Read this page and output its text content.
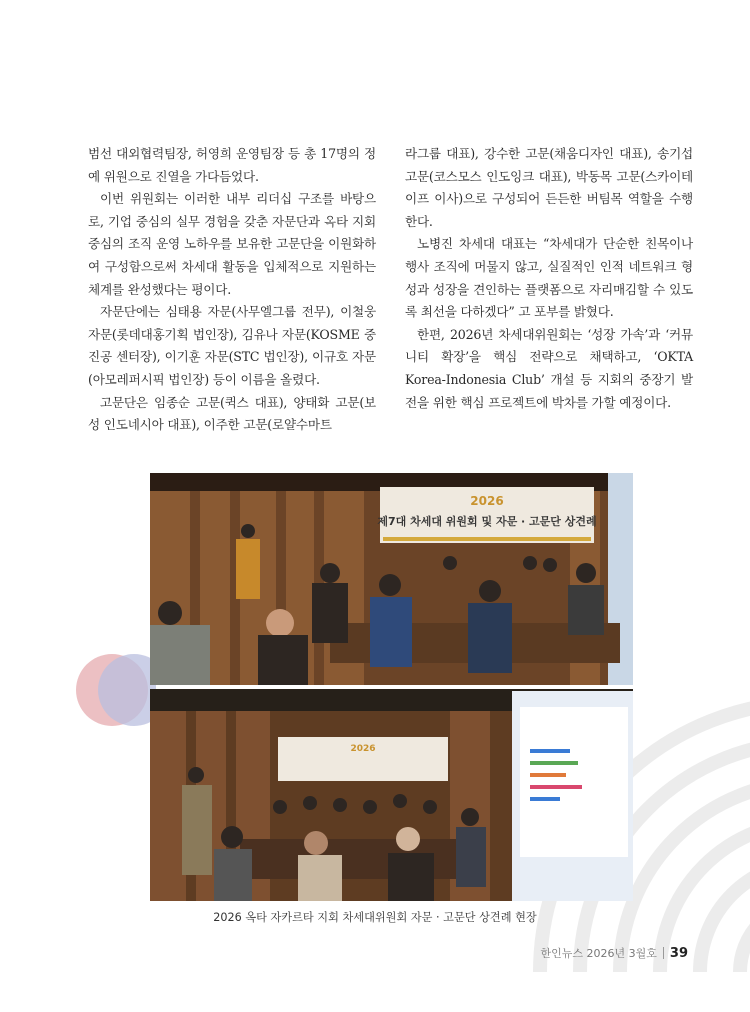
범선 대외협력팀장, 허영희 운영팀장 등 총 17명의 정예 위원으로 진열을 가다듬었다.

이번 위원회는 이러한 내부 리더십 구조를 바탕으로, 기업 중심의 실무 경험을 갖춘 자문단과 옥타 지회 중심의 조직 운영 노하우를 보유한 고문단을 이원화하여 구성함으로써 차세대 활동을 입체적으로 지원하는 체계를 완성했다는 평이다.

자문단에는 심태용 자문(사무엘그룹 전무), 이철웅 자문(롯데대홍기획 법인장), 김유나 자문(KOSME 중진공 센터장), 이기훈 자문(STC 법인장), 이규호 자문(아모레퍼시픽 법인장) 등이 이름을 올렸다.

고문단은 임종순 고문(퀵스 대표), 양태화 고문(보성 인도네시아 대표), 이주한 고문(로얄수마트

라그룹 대표), 강수한 고문(채움디자인 대표), 송기섭 고문(코스모스 인도잉크 대표), 박동목 고문(스카이테이프 이사)으로 구성되어 든든한 버팀목 역할을 수행한다.

노병진 차세대 대표는 “차세대가 단순한 친목이나 행사 조직에 머물지 않고, 실질적인 인적 네트워크 형성과 성장을 견인하는 플랫폼으로 자리매김할 수 있도록 최선을 다하겠다” 고 포부를 밝혔다.

한편, 2026년 차세대위원회는 ‘성장 가속’과 ‘커뮤니티 확장’을 핵심 전략으로 채택하고, ‘OKTA Korea-Indonesia Club’ 개설 등 지회의 중장기 발전을 위한 핵심 프로젝트에 박차를 가할 예정이다.

2026
제7대 차세대 위원회 및 자문 · 고문단 상견례
2026
2026 옥타 자카르타 지회 차세대위원회 자문 · 고문단 상견례 현장
한인뉴스 2026년 3월호 39
